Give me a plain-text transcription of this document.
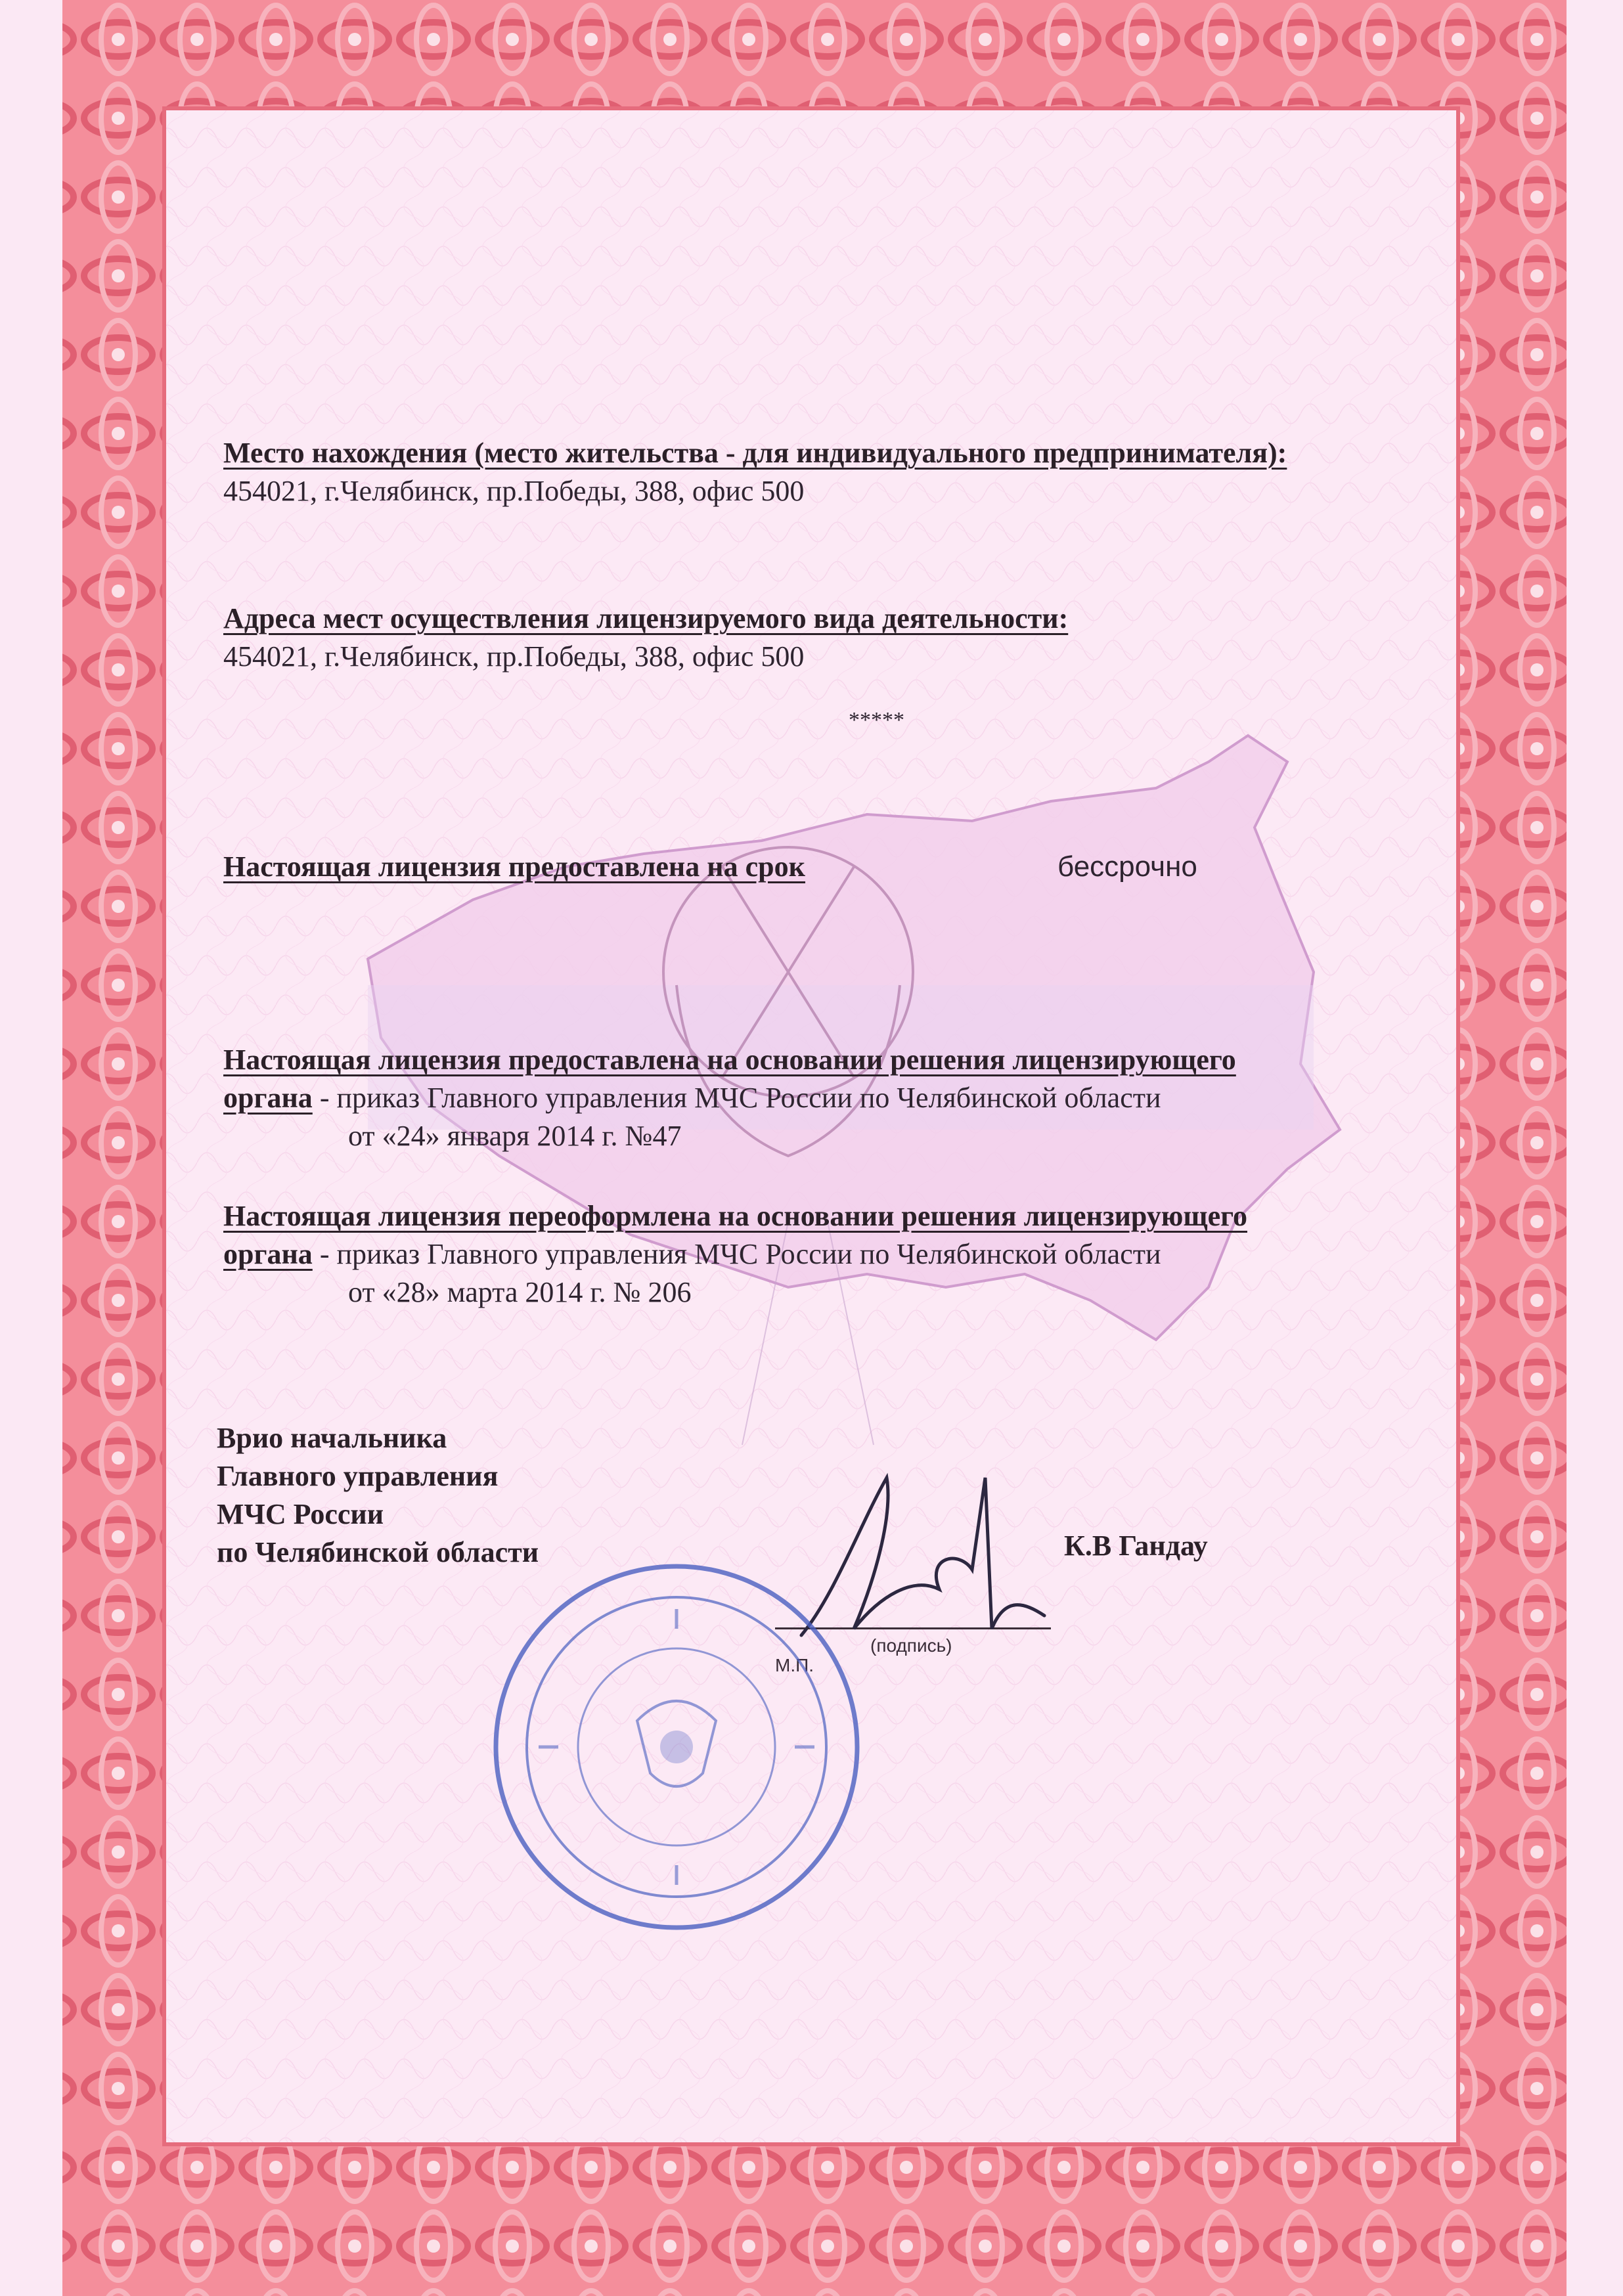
Место нахождения (место жительства - для индивидуального предпринимателя):
454021, г.Челябинск, пр.Победы, 388, офис 500
Адреса мест осуществления лицензируемого вида деятельности:
454021, г.Челябинск, пр.Победы, 388, офис 500
*****
Настоящая лицензия предоставлена на срок	бессрочно
Настоящая лицензия предоставлена на основании решения лицензирующего
органа - приказ Главного управления МЧС России по Челябинской области
от «24» января 2014 г. №47
Настоящая лицензия переоформлена на основании решения лицензирующего
органа - приказ Главного управления МЧС России по Челябинской области
от «28» марта 2014 г. № 206
Врио начальника
Главного управления
МЧС России
по Челябинской области	К.В Гандау
(подпись)
М.П.
